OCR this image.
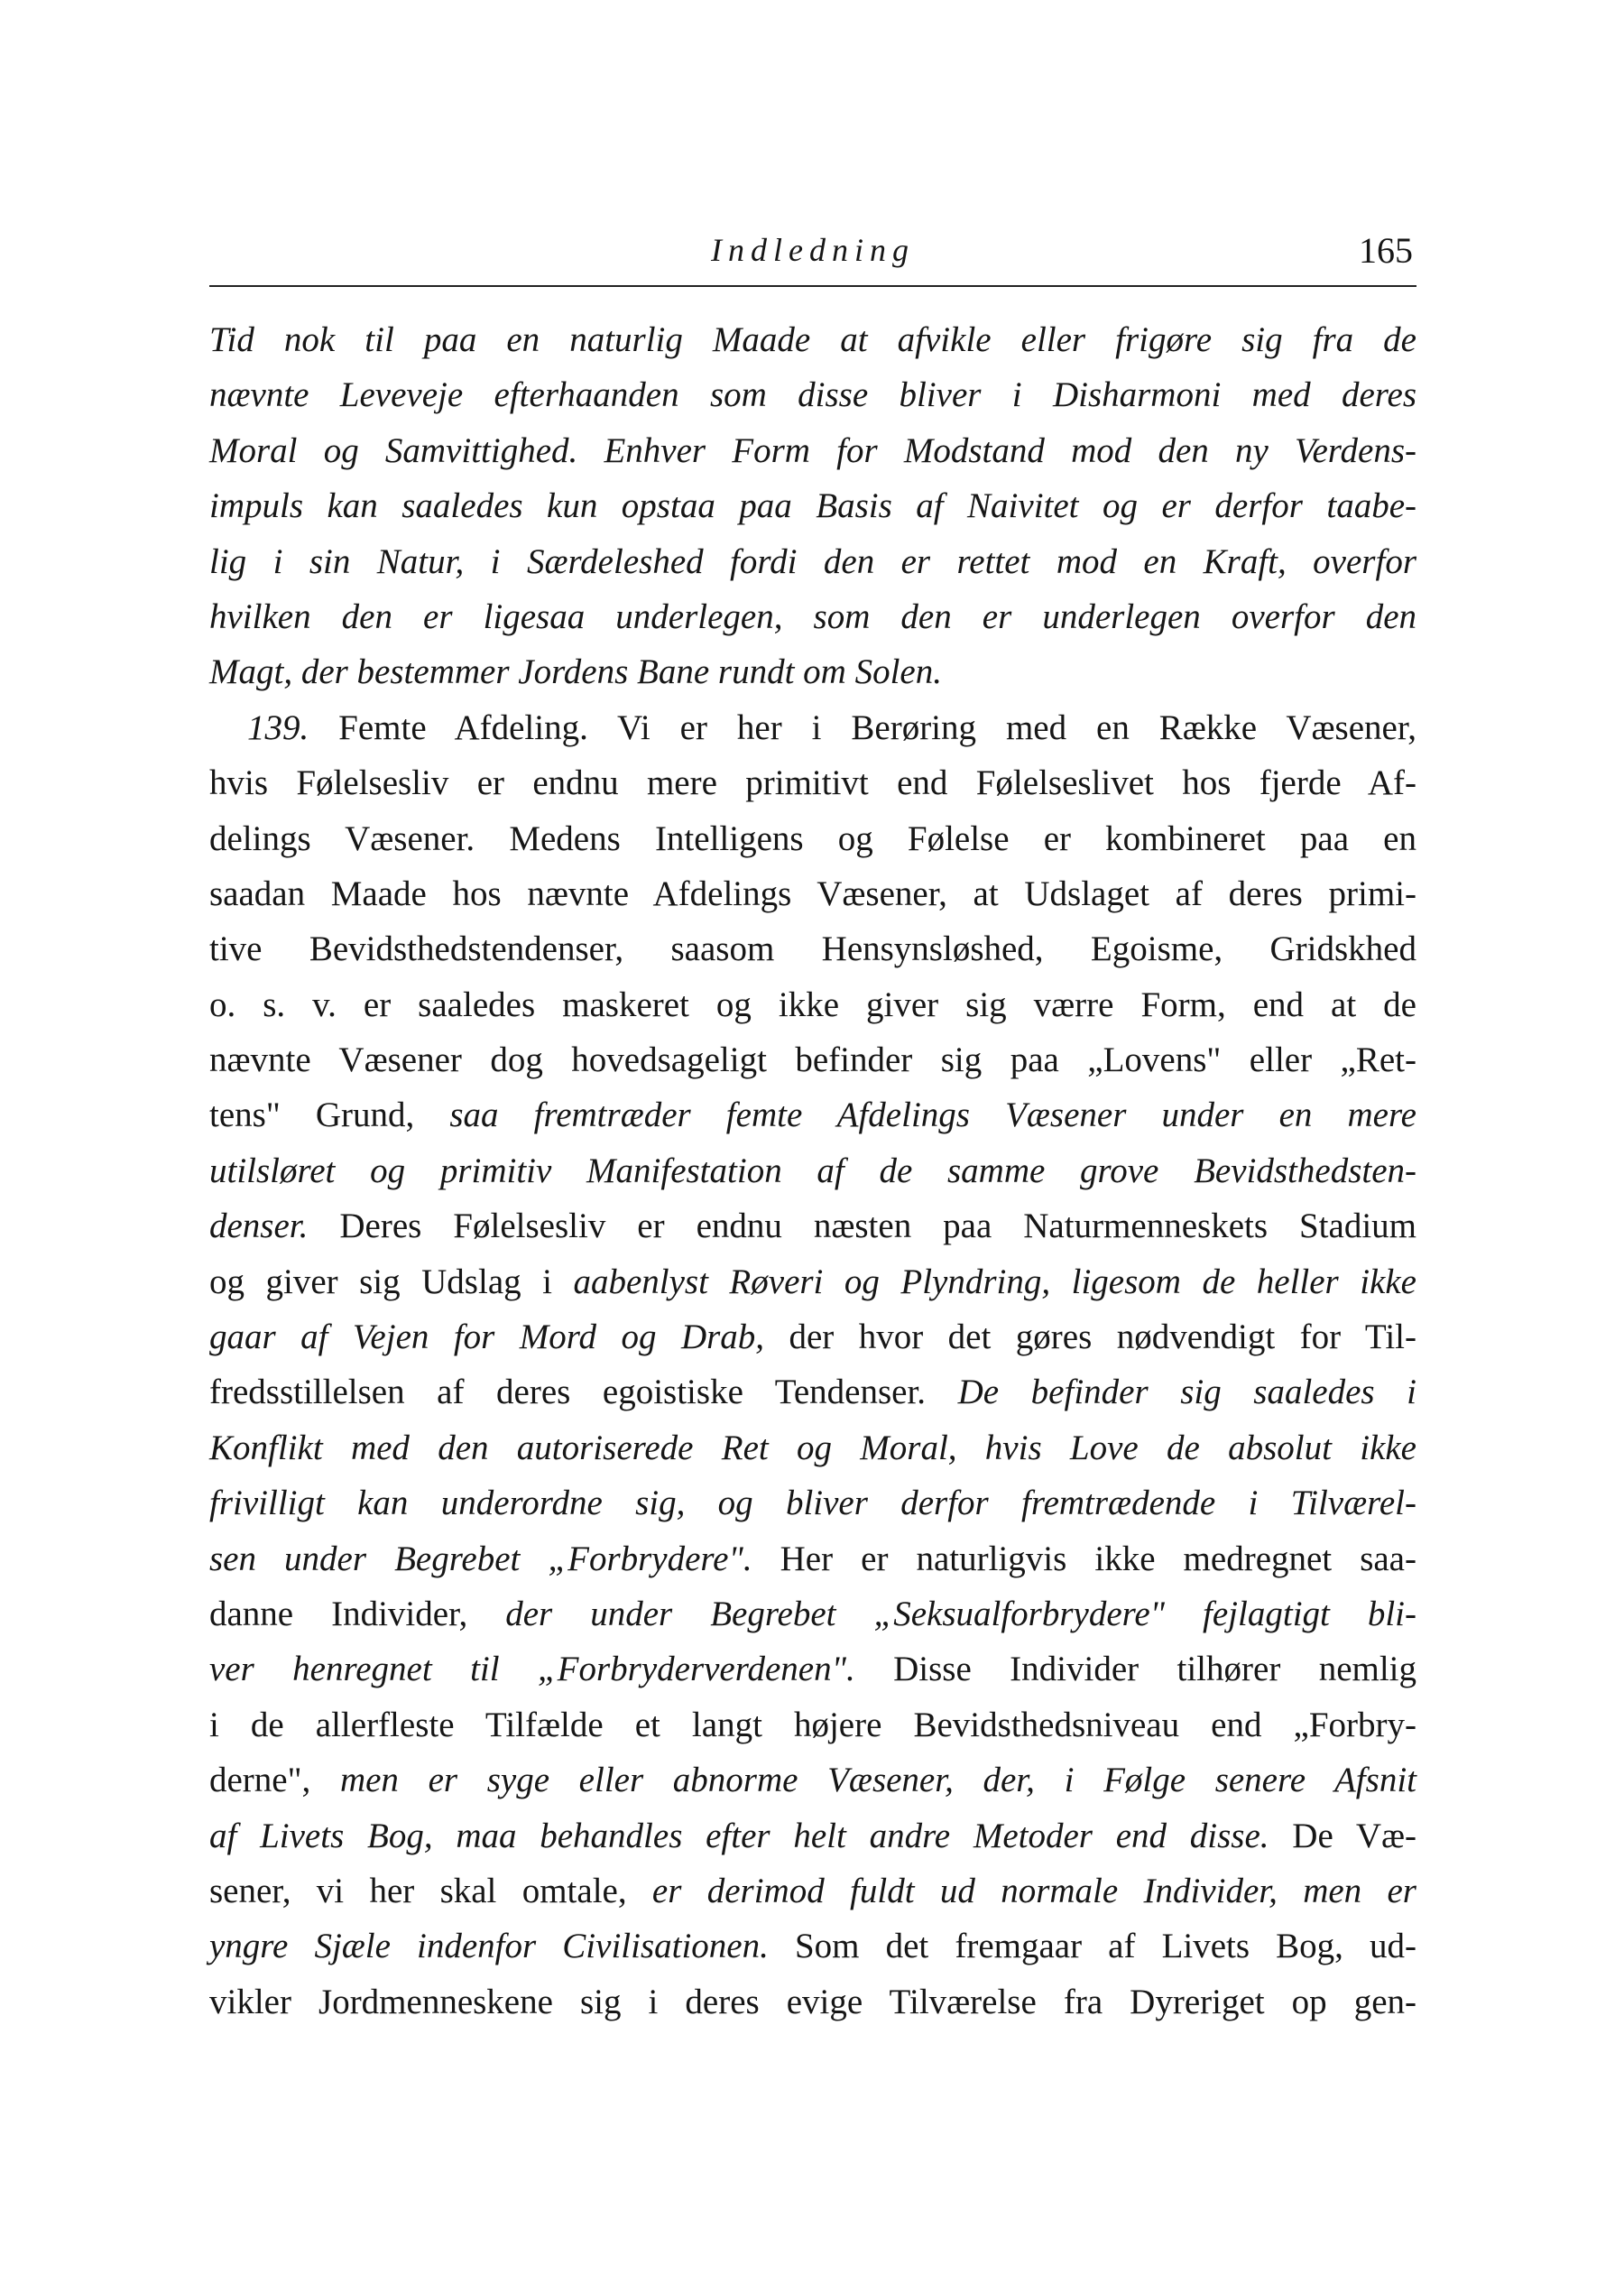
Indledning	165
Tid nok til paa en naturlig Maade at afvikle eller frigøre sig fra de
nævnte Leveveje efterhaanden som disse bliver i Disharmoni med deres
Moral og Samvittighed. Enhver Form for Modstand mod den ny Verdens-
impuls kan saaledes kun opstaa paa Basis af Naivitet og er derfor taabe-
lig i sin Natur, i Særdeleshed fordi den er rettet mod en Kraft, overfor
hvilken den er ligesaa underlegen, som den er underlegen overfor den
Magt, der bestemmer Jordens Bane rundt om Solen.
139. Femte Afdeling. Vi er her i Berøring med en Række Væsener,
hvis Følelsesliv er endnu mere primitivt end Følelseslivet hos fjerde Af-
delings Væsener. Medens Intelligens og Følelse er kombineret paa en
saadan Maade hos nævnte Afdelings Væsener, at Udslaget af deres primi-
tive Bevidsthedstendenser, saasom Hensynsløshed, Egoisme, Gridskhed
o. s. v. er saaledes maskeret og ikke giver sig værre Form, end at de
nævnte Væsener dog hovedsageligt befinder sig paa „Lovens" eller „Ret-
tens" Grund, saa fremtræder femte Afdelings Væsener under en mere
utilsløret og primitiv Manifestation af de samme grove Bevidsthedsten-
denser. Deres Følelsesliv er endnu næsten paa Naturmenneskets Stadium
og giver sig Udslag i aabenlyst Røveri og Plyndring, ligesom de heller ikke
gaar af Vejen for Mord og Drab, der hvor det gøres nødvendigt for Til-
fredsstillelsen af deres egoistiske Tendenser. De befinder sig saaledes i
Konflikt med den autoriserede Ret og Moral, hvis Love de absolut ikke
frivilligt kan underordne sig, og bliver derfor fremtrædende i Tilværel-
sen under Begrebet „Forbrydere". Her er naturligvis ikke medregnet saa-
danne Individer, der under Begrebet „Seksualforbrydere" fejlagtigt bli-
ver henregnet til „Forbryderverdenen". Disse Individer tilhører nemlig
i de allerfleste Tilfælde et langt højere Bevidsthedsniveau end „Forbry-
derne", men er syge eller abnorme Væsener, der, i Følge senere Afsnit
af Livets Bog, maa behandles efter helt andre Metoder end disse. De Væ-
sener, vi her skal omtale, er derimod fuldt ud normale Individer, men er
yngre Sjæle indenfor Civilisationen. Som det fremgaar af Livets Bog, ud-
vikler Jordmenneskene sig i deres evige Tilværelse fra Dyreriget op gen-
